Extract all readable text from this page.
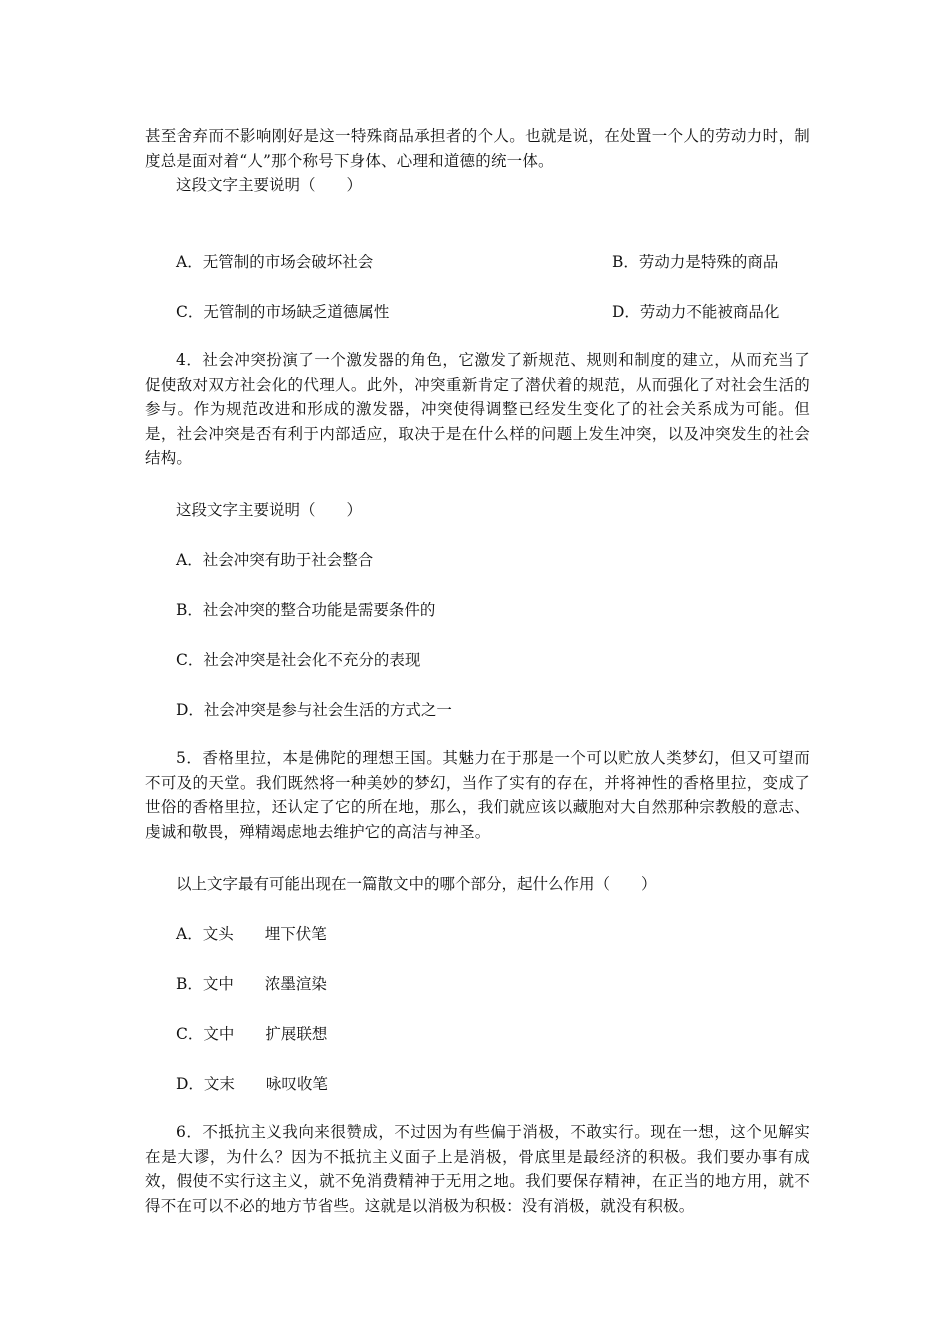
甚至舍弃而不影响刚好是这一特殊商品承担者的个人。也就是说，在处置一个人的劳动力时，制度总是面对着“人”那个称号下身体、心理和道德的统一体。

这段文字主要说明（　　）

A．无管制的市场会破坏社会	B．劳动力是特殊的商品

C．无管制的市场缺乏道德属性	D．劳动力不能被商品化

4．社会冲突扮演了一个激发器的角色，它激发了新规范、规则和制度的建立，从而充当了促使敌对双方社会化的代理人。此外，冲突重新肯定了潜伏着的规范，从而强化了对社会生活的参与。作为规范改进和形成的激发器，冲突使得调整已经发生变化了的社会关系成为可能。但是，社会冲突是否有利于内部适应，取决于是在什么样的问题上发生冲突，以及冲突发生的社会结构。

这段文字主要说明（　　）

A．社会冲突有助于社会整合

B．社会冲突的整合功能是需要条件的

C．社会冲突是社会化不充分的表现

D．社会冲突是参与社会生活的方式之一

5．香格里拉，本是佛陀的理想王国。其魅力在于那是一个可以贮放人类梦幻，但又可望而不可及的天堂。我们既然将一种美妙的梦幻，当作了实有的存在，并将神性的香格里拉，变成了世俗的香格里拉，还认定了它的所在地，那么，我们就应该以藏胞对大自然那种宗教般的意志、虔诚和敬畏，殚精竭虑地去维护它的高洁与神圣。

以上文字最有可能出现在一篇散文中的哪个部分，起什么作用（　　）

A．文头　　埋下伏笔

B．文中　　浓墨渲染

C．文中　　扩展联想

D．文末　　咏叹收笔

6．不抵抗主义我向来很赞成，不过因为有些偏于消极，不敢实行。现在一想，这个见解实在是大谬，为什么？因为不抵抗主义面子上是消极，骨底里是最经济的积极。我们要办事有成效，假使不实行这主义，就不免消费精神于无用之地。我们要保存精神，在正当的地方用，就不得不在可以不必的地方节省些。这就是以消极为积极：没有消极，就没有积极。
